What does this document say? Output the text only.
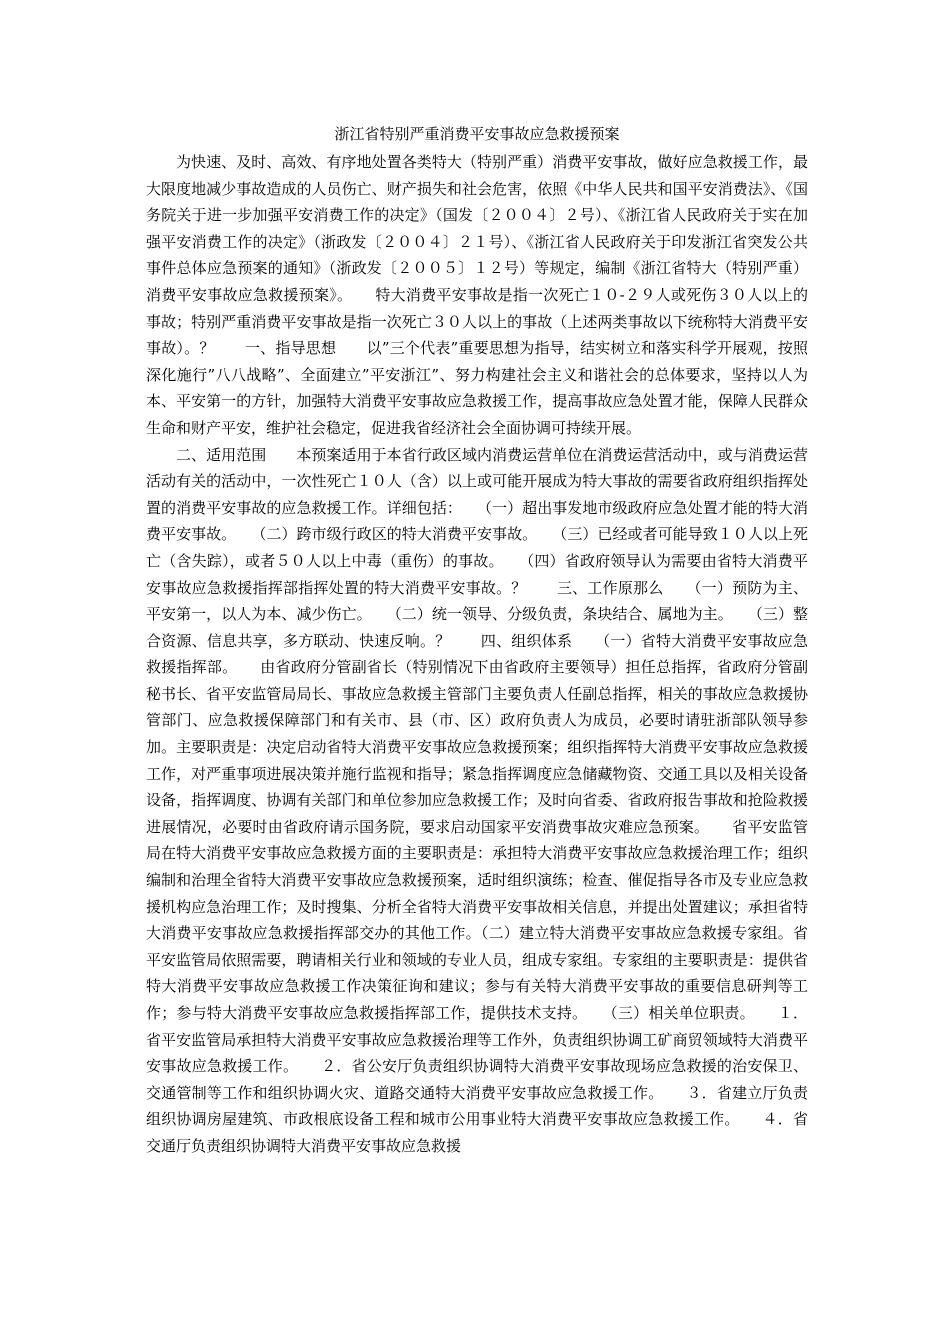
浙江省特别严重消费平安事故应急救援预案

为快速、及时、高效、有序地处置各类特大（特别严重）消费平安事故，做好应急救援工作，最大限度地减少事故造成的人员伤亡、财产损失和社会危害，依照《中华人民共和国平安消费法》、《国务院关于进一步加强平安消费工作的决定》（国发〔２００４〕２号）、《浙江省人民政府关于实在加强平安消费工作的决定》（浙政发〔２００４〕２１号）、《浙江省人民政府关于印发浙江省突发公共事件总体应急预案的通知》（浙政发〔２００５〕１２号）等规定，编制《浙江省特大（特别严重）消费平安事故应急救援预案》。　　特大消费平安事故是指一次死亡１０-２９人或死伤３０人以上的事故；特别严重消费平安事故是指一次死亡３０人以上的事故（上述两类事故以下统称特大消费平安事故）。？　　一、指导思想　　以”三个代表”重要思想为指导，结实树立和落实科学开展观，按照深化施行”八八战略”、全面建立”平安浙江”、努力构建社会主义和谐社会的总体要求，坚持以人为本、平安第一的方针，加强特大消费平安事故应急救援工作，提高事故应急处置才能，保障人民群众生命和财产平安，维护社会稳定，促进我省经济社会全面协调可持续开展。

二、适用范围　　本预案适用于本省行政区域内消费运营单位在消费运营活动中，或与消费运营活动有关的活动中，一次性死亡１０人（含）以上或可能开展成为特大事故的需要省政府组织指挥处置的消费平安事故的应急救援工作。详细包括：　　（一）超出事发地市级政府应急处置才能的特大消费平安事故。　　（二）跨市级行政区的特大消费平安事故。　　（三）已经或者可能导致１０人以上死亡（含失踪），或者５０人以上中毒（重伤）的事故。　　（四）省政府领导认为需要由省特大消费平安事故应急救援指挥部指挥处置的特大消费平安事故。？　　三、工作原那么　　（一）预防为主、平安第一，以人为本、减少伤亡。　　（二）统一领导、分级负责，条块结合、属地为主。　　（三）整合资源、信息共享，多方联动、快速反响。？　　四、组织体系　　（一）省特大消费平安事故应急救援指挥部。　　由省政府分管副省长（特别情况下由省政府主要领导）担任总指挥，省政府分管副秘书长、省平安监管局局长、事故应急救援主管部门主要负责人任副总指挥，相关的事故应急救援协管部门、应急救援保障部门和有关市、县（市、区）政府负责人为成员，必要时请驻浙部队领导参加。主要职责是：决定启动省特大消费平安事故应急救援预案；组织指挥特大消费平安事故应急救援工作，对严重事项进展决策并施行监视和指导；紧急指挥调度应急储藏物资、交通工具以及相关设备设备，指挥调度、协调有关部门和单位参加应急救援工作；及时向省委、省政府报告事故和抢险救援进展情况，必要时由省政府请示国务院，要求启动国家平安消费事故灾难应急预案。　　省平安监管局在特大消费平安事故应急救援方面的主要职责是：承担特大消费平安事故应急救援治理工作；组织编制和治理全省特大消费平安事故应急救援预案，适时组织演练；检查、催促指导各市及专业应急救援机构应急治理工作；及时搜集、分析全省特大消费平安事故相关信息，并提出处置建议；承担省特大消费平安事故应急救援指挥部交办的其他工作。（二）建立特大消费平安事故应急救援专家组。省平安监管局依照需要，聘请相关行业和领域的专业人员，组成专家组。专家组的主要职责是：提供省特大消费平安事故应急救援工作决策征询和建议；参与有关特大消费平安事故的重要信息研判等工作；参与特大消费平安事故应急救援指挥部工作，提供技术支持。　　（三）相关单位职责。　　１．省平安监管局承担特大消费平安事故应急救援治理等工作外，负责组织协调工矿商贸领域特大消费平安事故应急救援工作。　　２．省公安厅负责组织协调特大消费平安事故现场应急救援的治安保卫、交通管制等工作和组织协调火灾、道路交通特大消费平安事故应急救援工作。　　３．省建立厅负责组织协调房屋建筑、市政根底设备工程和城市公用事业特大消费平安事故应急救援工作。　　４．省交通厅负责组织协调特大消费平安事故应急救援
